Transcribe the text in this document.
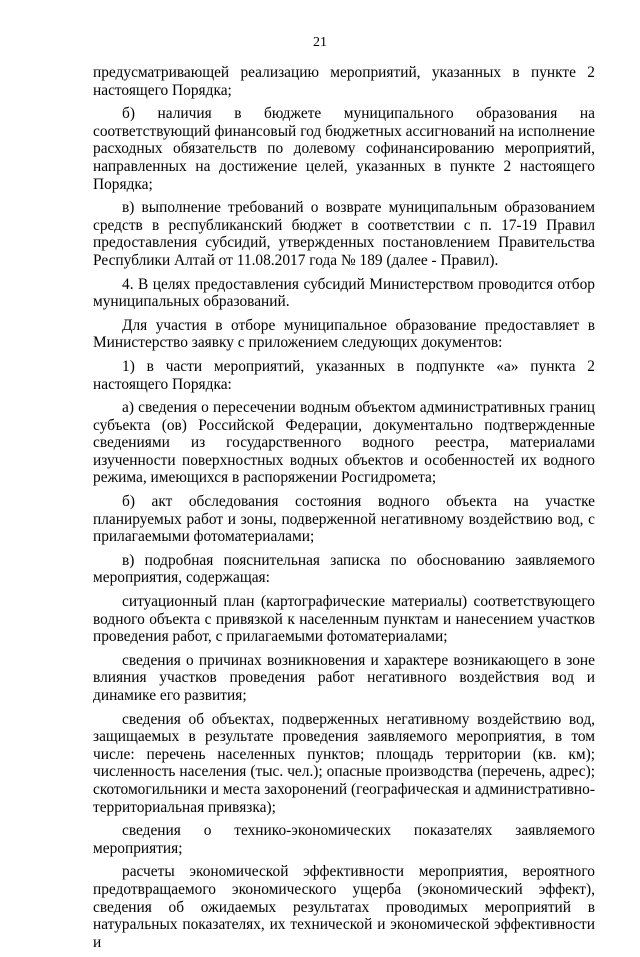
21

предусматривающей реализацию мероприятий, указанных в пункте 2 настоящего Порядка;

б) наличия в бюджете муниципального образования на соответствующий финансовый год бюджетных ассигнований на исполнение расходных обязательств по долевому софинансированию мероприятий, направленных на достижение целей, указанных в пункте 2 настоящего Порядка;

в) выполнение требований о возврате муниципальным образованием средств в республиканский бюджет в соответствии с п. 17-19 Правил предоставления субсидий, утвержденных постановлением Правительства Республики Алтай от 11.08.2017 года № 189 (далее - Правил).

4. В целях предоставления субсидий Министерством проводится отбор муниципальных образований.

Для участия в отборе муниципальное образование предоставляет в Министерство заявку с приложением следующих документов:

1) в части мероприятий, указанных в подпункте «а» пункта 2 настоящего Порядка:

а) сведения о пересечении водным объектом административных границ субъекта (ов) Российской Федерации, документально подтвержденные сведениями из государственного водного реестра, материалами изученности поверхностных водных объектов и особенностей их водного режима, имеющихся в распоряжении Росгидромета;

б) акт обследования состояния водного объекта на участке планируемых работ и зоны, подверженной негативному воздействию вод, с прилагаемыми фотоматериалами;

в) подробная пояснительная записка по обоснованию заявляемого мероприятия, содержащая:

ситуационный план (картографические материалы) соответствующего водного объекта с привязкой к населенным пунктам и нанесением участков проведения работ, с прилагаемыми фотоматериалами;

сведения о причинах возникновения и характере возникающего в зоне влияния участков проведения работ негативного воздействия вод и динамике его развития;

сведения об объектах, подверженных негативному воздействию вод, защищаемых в результате проведения заявляемого мероприятия, в том числе: перечень населенных пунктов; площадь территории (кв. км); численность населения (тыс. чел.); опасные производства (перечень, адрес); скотомогильники и места захоронений (географическая и административно-территориальная привязка);

сведения о технико-экономических показателях заявляемого мероприятия;

расчеты экономической эффективности мероприятия, вероятного предотвращаемого экономического ущерба (экономический эффект), сведения об ожидаемых результатах проводимых мероприятий в натуральных показателях, их технической и экономической эффективности и
